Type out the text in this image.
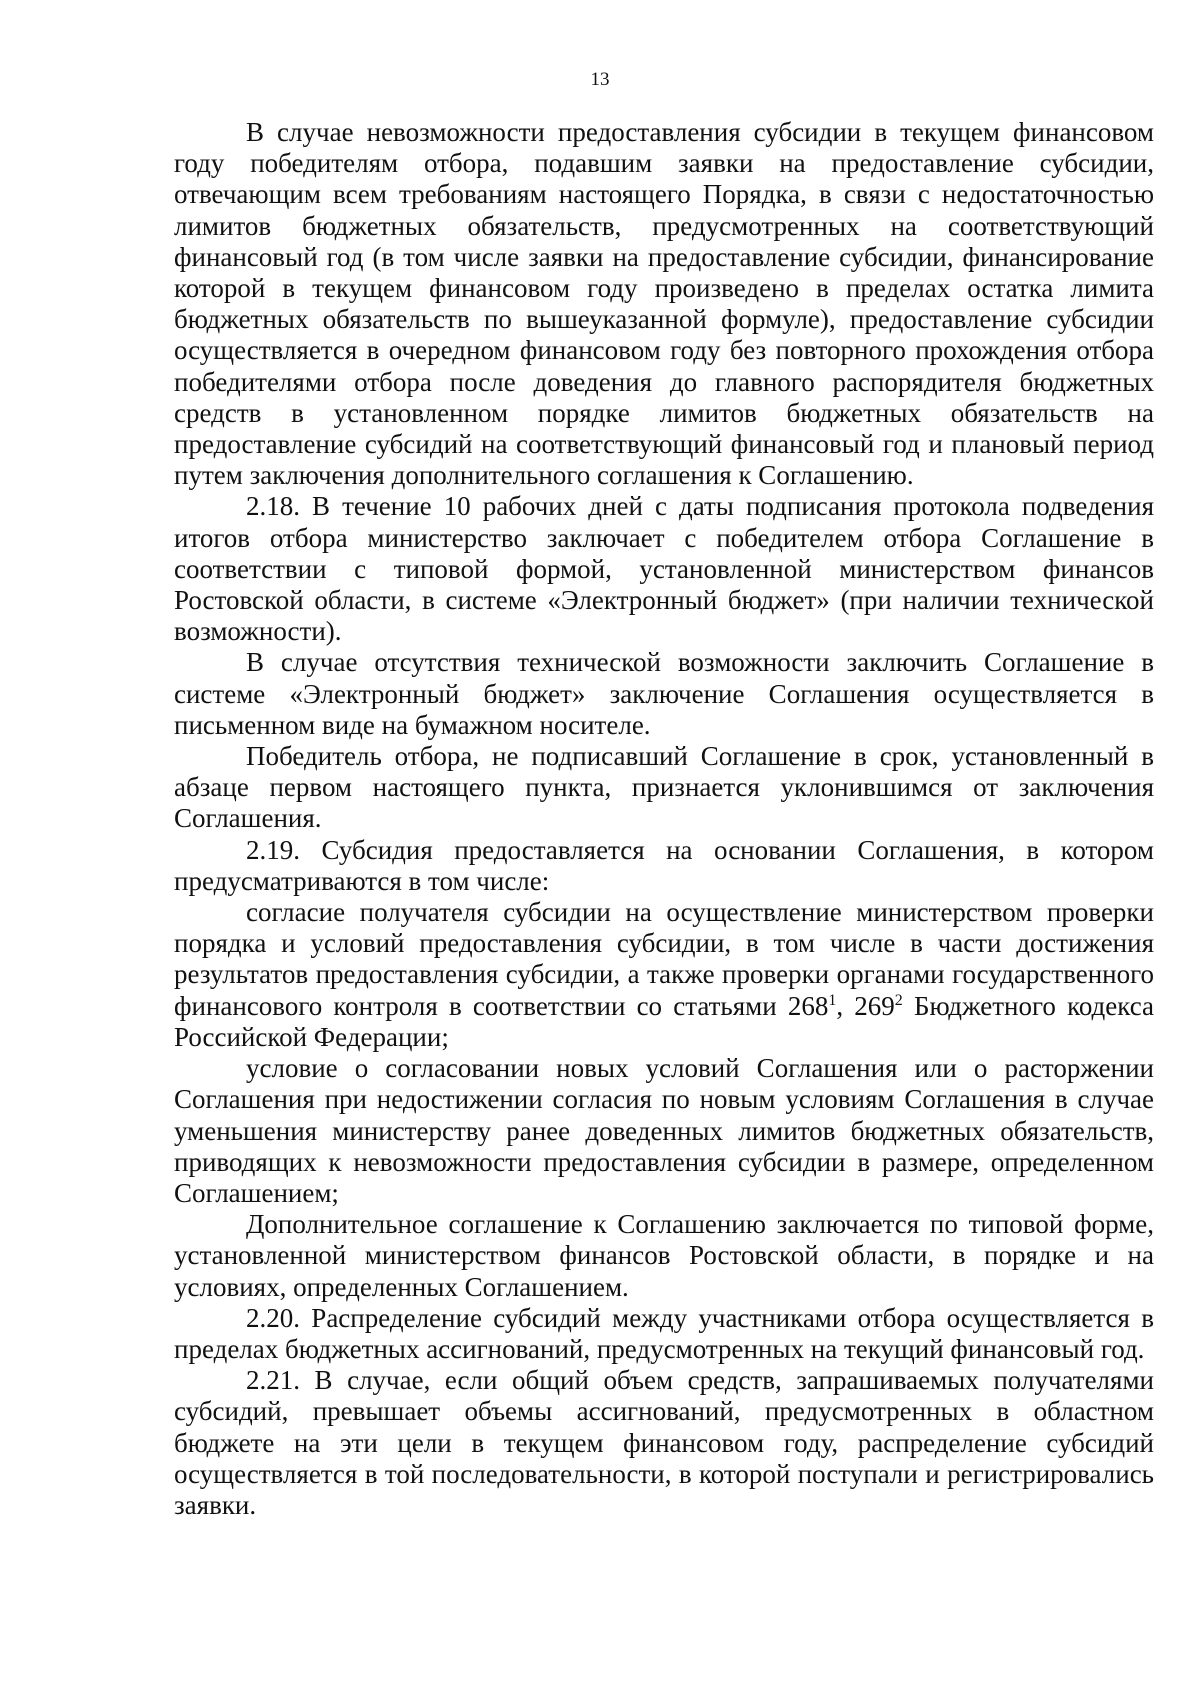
13

В случае невозможности предоставления субсидии в текущем финансовом году победителям отбора, подавшим заявки на предоставление субсидии, отвечающим всем требованиям настоящего Порядка, в связи с недостаточностью лимитов бюджетных обязательств, предусмотренных на соответствующий финансовый год (в том числе заявки на предоставление субсидии, финансирование которой в текущем финансовом году произведено в пределах остатка лимита бюджетных обязательств по вышеуказанной формуле), предоставление субсидии осуществляется в очередном финансовом году без повторного прохождения отбора победителями отбора после доведения до главного распорядителя бюджетных средств в установленном порядке лимитов бюджетных обязательств на предоставление субсидий на соответствующий финансовый год и плановый период путем заключения дополнительного соглашения к Соглашению.

2.18. В течение 10 рабочих дней с даты подписания протокола подведения итогов отбора министерство заключает с победителем отбора Соглашение в соответствии с типовой формой, установленной министерством финансов Ростовской области, в системе «Электронный бюджет» (при наличии технической возможности).

В случае отсутствия технической возможности заключить Соглашение в системе «Электронный бюджет» заключение Соглашения осуществляется в письменном виде на бумажном носителе.

Победитель отбора, не подписавший Соглашение в срок, установленный в абзаце первом настоящего пункта, признается уклонившимся от заключения Соглашения.

2.19. Субсидия предоставляется на основании Соглашения, в котором предусматриваются в том числе:

согласие получателя субсидии на осуществление министерством проверки порядка и условий предоставления субсидии, в том числе в части достижения результатов предоставления субсидии, а также проверки органами государственного финансового контроля в соответствии со статьями $268^1$, $269^2$ Бюджетного кодекса Российской Федерации;

условие о согласовании новых условий Соглашения или о расторжении Соглашения при недостижении согласия по новым условиям Соглашения в случае уменьшения министерству ранее доведенных лимитов бюджетных обязательств, приводящих к невозможности предоставления субсидии в размере, определенном Соглашением;

Дополнительное соглашение к Соглашению заключается по типовой форме, установленной министерством финансов Ростовской области, в порядке и на условиях, определенных Соглашением.

2.20. Распределение субсидий между участниками отбора осуществляется в пределах бюджетных ассигнований, предусмотренных на текущий финансовый год.

2.21. В случае, если общий объем средств, запрашиваемых получателями субсидий, превышает объемы ассигнований, предусмотренных в областном бюджете на эти цели в текущем финансовом году, распределение субсидий осуществляется в той последовательности, в которой поступали и регистрировались заявки.
